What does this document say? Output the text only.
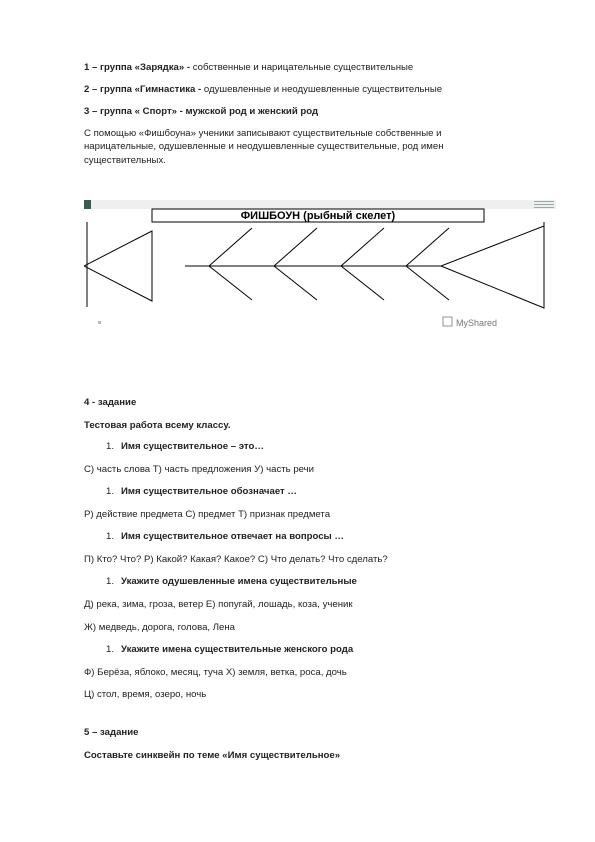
1 – группа «Зарядка» - собственные и нарицательные существительные
2 – группа «Гимнастика - одушевленные и неодушевленные существительные
3 – группа « Спорт» - мужской род и женский род
С помощью «Фишбоуна» ученики записывают существительные собственные и нарицательные, одушевленные и неодушевленные существительные, род имен существительных.
ФИШБОУН (рыбный скелет)
MyShared
4 - задание
Тестовая работа всему классу.
1. Имя существительное – это…
С) часть слова Т) часть предложения У) часть речи
1. Имя существительное обозначает …
Р) действие предмета С) предмет Т) признак предмета
1. Имя существительное отвечает на вопросы …
П) Кто? Что? Р) Какой? Какая? Какое? С) Что делать? Что сделать?
1. Укажите одушевленные имена существительные
Д) река, зима, гроза, ветер Е) попугай, лошадь, коза, ученик
Ж) медведь, дорога, голова, Лена
1. Укажите имена существительные женского рода
Ф) Берёза, яблоко, месяц, туча Х) земля, ветка, роса, дочь
Ц) стол, время, озеро, ночь
5 – задание
Составьте синквейн по теме «Имя существительное»
